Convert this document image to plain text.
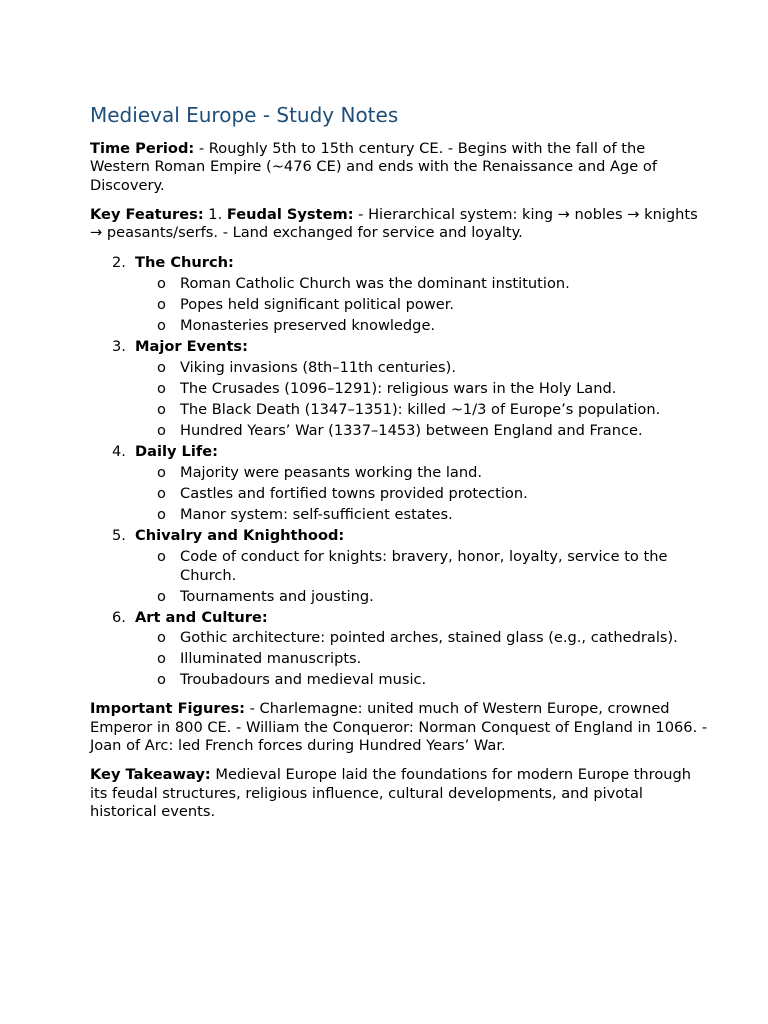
Medieval Europe - Study Notes

Time Period: - Roughly 5th to 15th century CE. - Begins with the fall of the Western Roman Empire (~476 CE) and ends with the Renaissance and Age of Discovery.

Key Features: 1. Feudal System: - Hierarchical system: king → nobles → knights → peasants/serfs. - Land exchanged for service and loyalty.

2. The Church:
o Roman Catholic Church was the dominant institution.
o Popes held significant political power.
o Monasteries preserved knowledge.
3. Major Events:
o Viking invasions (8th–11th centuries).
o The Crusades (1096–1291): religious wars in the Holy Land.
o The Black Death (1347–1351): killed ~1/3 of Europe’s population.
o Hundred Years’ War (1337–1453) between England and France.
4. Daily Life:
o Majority were peasants working the land.
o Castles and fortified towns provided protection.
o Manor system: self-sufficient estates.
5. Chivalry and Knighthood:
o Code of conduct for knights: bravery, honor, loyalty, service to the Church.
o Tournaments and jousting.
6. Art and Culture:
o Gothic architecture: pointed arches, stained glass (e.g., cathedrals).
o Illuminated manuscripts.
o Troubadours and medieval music.

Important Figures: - Charlemagne: united much of Western Europe, crowned Emperor in 800 CE. - William the Conqueror: Norman Conquest of England in 1066. - Joan of Arc: led French forces during Hundred Years’ War.

Key Takeaway: Medieval Europe laid the foundations for modern Europe through its feudal structures, religious influence, cultural developments, and pivotal historical events.
